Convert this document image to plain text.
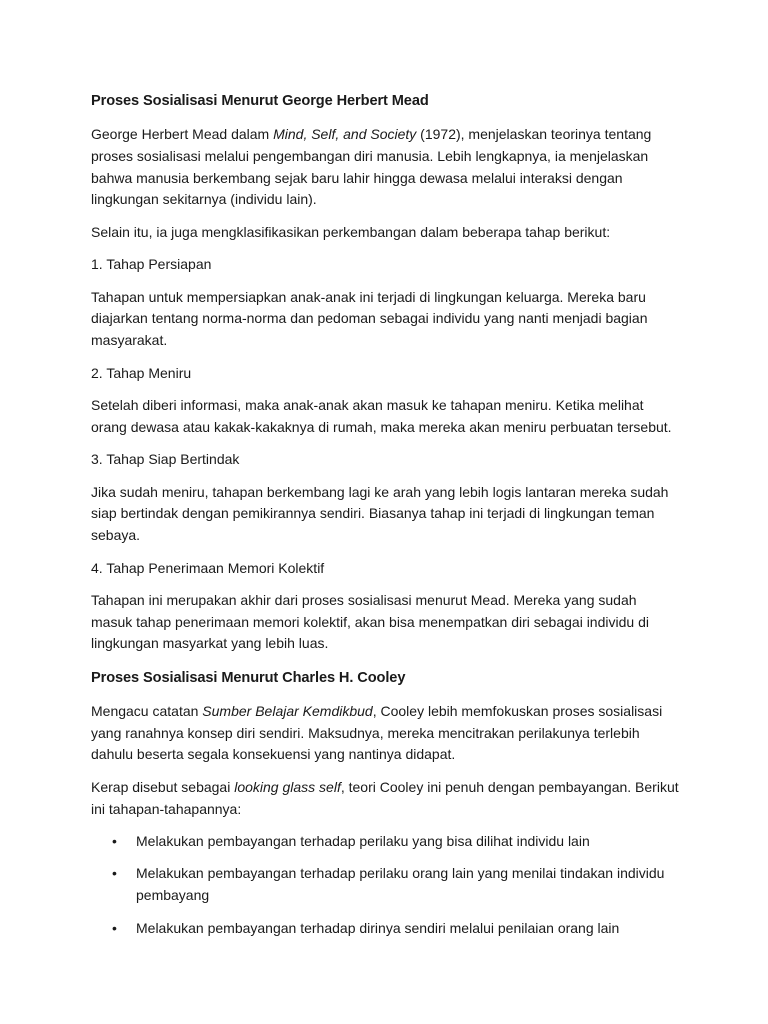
Proses Sosialisasi Menurut George Herbert Mead

George Herbert Mead dalam Mind, Self, and Society (1972), menjelaskan teorinya tentang proses sosialisasi melalui pengembangan diri manusia. Lebih lengkapnya, ia menjelaskan bahwa manusia berkembang sejak baru lahir hingga dewasa melalui interaksi dengan lingkungan sekitarnya (individu lain).

Selain itu, ia juga mengklasifikasikan perkembangan dalam beberapa tahap berikut:

1. Tahap Persiapan

Tahapan untuk mempersiapkan anak-anak ini terjadi di lingkungan keluarga. Mereka baru diajarkan tentang norma-norma dan pedoman sebagai individu yang nanti menjadi bagian masyarakat.

2. Tahap Meniru

Setelah diberi informasi, maka anak-anak akan masuk ke tahapan meniru. Ketika melihat orang dewasa atau kakak-kakaknya di rumah, maka mereka akan meniru perbuatan tersebut.

3. Tahap Siap Bertindak

Jika sudah meniru, tahapan berkembang lagi ke arah yang lebih logis lantaran mereka sudah siap bertindak dengan pemikirannya sendiri. Biasanya tahap ini terjadi di lingkungan teman sebaya.

4. Tahap Penerimaan Memori Kolektif

Tahapan ini merupakan akhir dari proses sosialisasi menurut Mead. Mereka yang sudah masuk tahap penerimaan memori kolektif, akan bisa menempatkan diri sebagai individu di lingkungan masyarkat yang lebih luas.

Proses Sosialisasi Menurut Charles H. Cooley

Mengacu catatan Sumber Belajar Kemdikbud, Cooley lebih memfokuskan proses sosialisasi yang ranahnya konsep diri sendiri. Maksudnya, mereka mencitrakan perilakunya terlebih dahulu beserta segala konsekuensi yang nantinya didapat.

Kerap disebut sebagai looking glass self, teori Cooley ini penuh dengan pembayangan. Berikut ini tahapan-tahapannya:

• Melakukan pembayangan terhadap perilaku yang bisa dilihat individu lain
• Melakukan pembayangan terhadap perilaku orang lain yang menilai tindakan individu pembayang
• Melakukan pembayangan terhadap dirinya sendiri melalui penilaian orang lain
